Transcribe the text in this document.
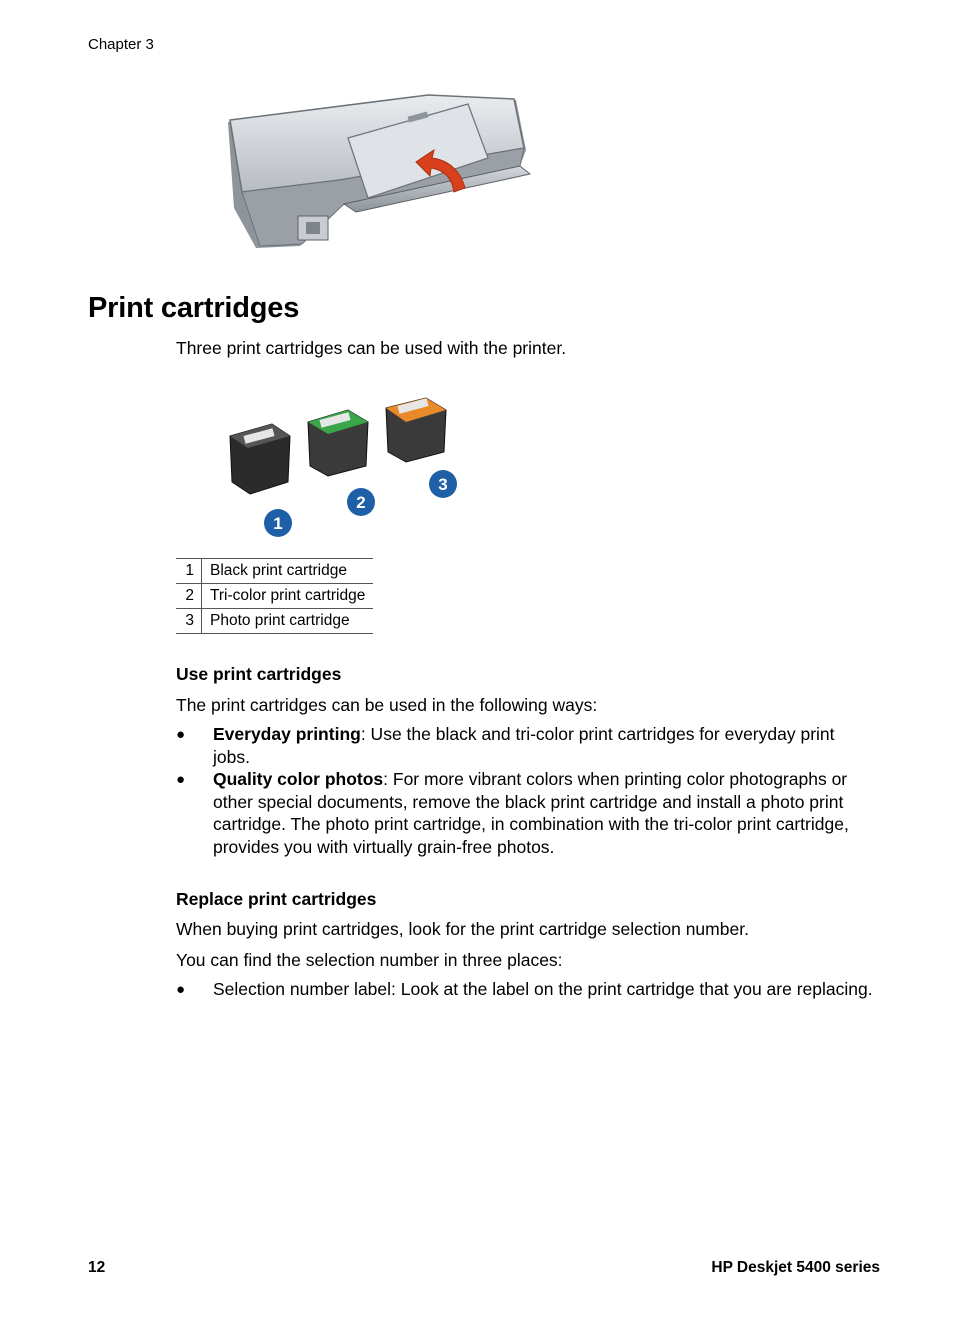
Chapter 3
Print cartridges
Three print cartridges can be used with the printer.
1
2
3
1	Black print cartridge
2	Tri-color print cartridge
3	Photo print cartridge
Use print cartridges
The print cartridges can be used in the following ways:
● Everyday printing: Use the black and tri-color print cartridges for everyday print jobs.
● Quality color photos: For more vibrant colors when printing color photographs or other special documents, remove the black print cartridge and install a photo print cartridge. The photo print cartridge, in combination with the tri-color print cartridge, provides you with virtually grain-free photos.
Replace print cartridges
When buying print cartridges, look for the print cartridge selection number.
You can find the selection number in three places:
● Selection number label: Look at the label on the print cartridge that you are replacing.
12	HP Deskjet 5400 series
